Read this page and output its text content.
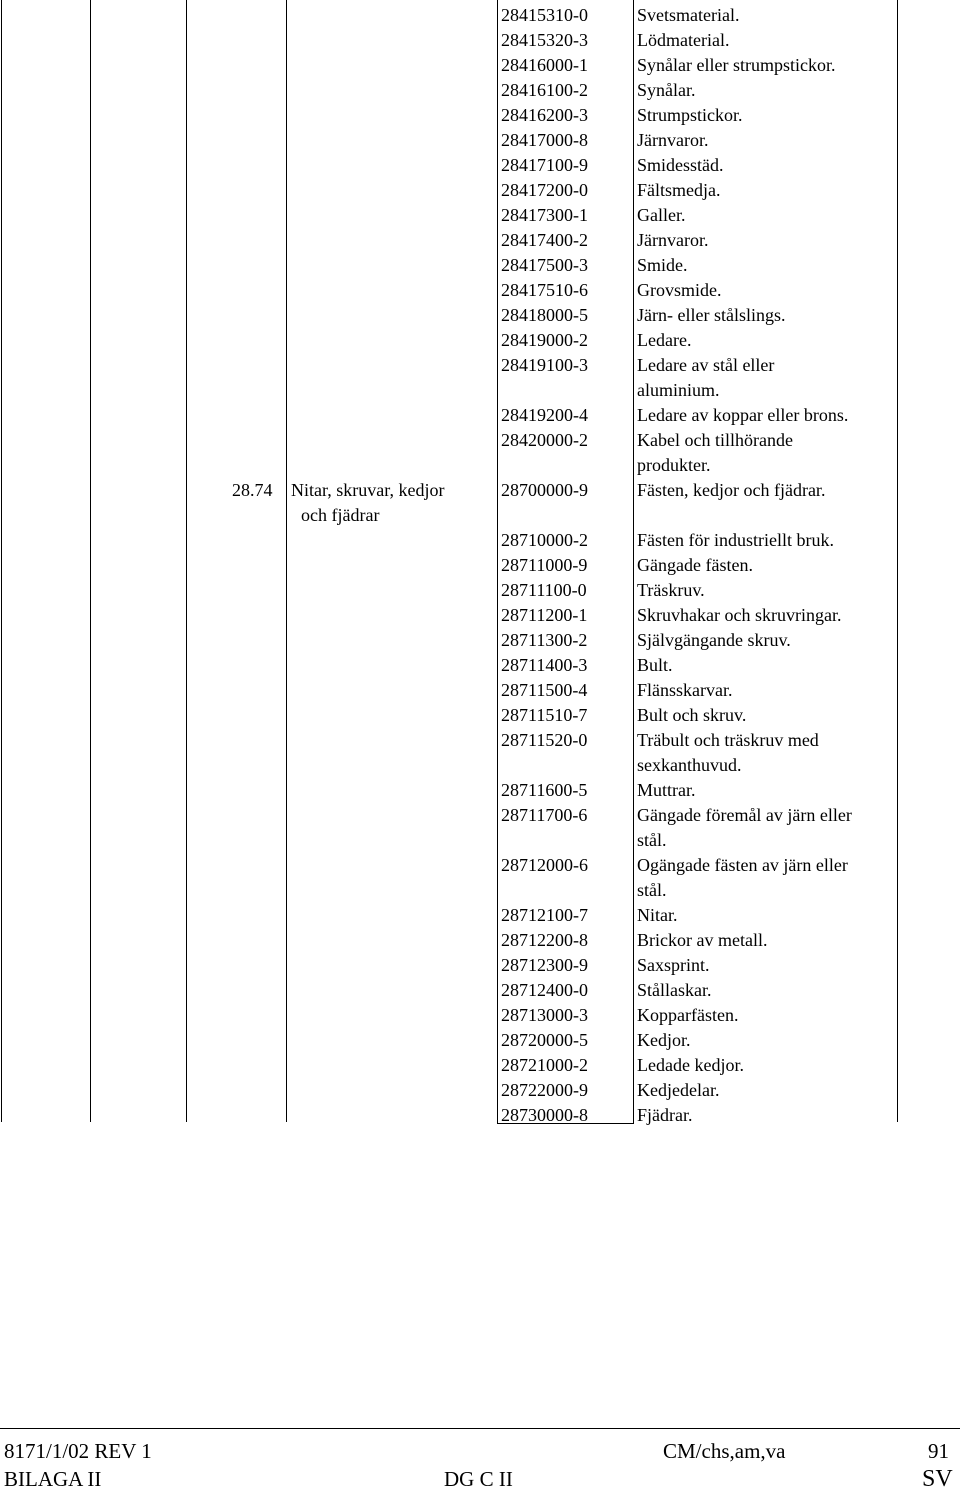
28.74 Nitar, skruvar, kedjor
och fjädrar
28415310-0	Svetsmaterial.
28415320-3	Lödmaterial.
28416000-1	Synålar eller strumpstickor.
28416100-2	Synålar.
28416200-3	Strumpstickor.
28417000-8	Järnvaror.
28417100-9	Smidesstäd.
28417200-0	Fältsmedja.
28417300-1	Galler.
28417400-2	Järnvaror.
28417500-3	Smide.
28417510-6	Grovsmide.
28418000-5	Järn- eller stålslings.
28419000-2	Ledare.
28419100-3	Ledare av stål eller
aluminium.
28419200-4	Ledare av koppar eller brons.
28420000-2	Kabel och tillhörande
produkter.
28700000-9	Fästen, kedjor och fjädrar.
28710000-2	Fästen för industriellt bruk.
28711000-9	Gängade fästen.
28711100-0	Träskruv.
28711200-1	Skruvhakar och skruvringar.
28711300-2	Självgängande skruv.
28711400-3	Bult.
28711500-4	Flänsskarvar.
28711510-7	Bult och skruv.
28711520-0	Träbult och träskruv med
sexkanthuvud.
28711600-5	Muttrar.
28711700-6	Gängade föremål av järn eller
stål.
28712000-6	Ogängade fästen av järn eller
stål.
28712100-7	Nitar.
28712200-8	Brickor av metall.
28712300-9	Saxsprint.
28712400-0	Stållaskar.
28713000-3	Kopparfästen.
28720000-5	Kedjor.
28721000-2	Ledade kedjor.
28722000-9	Kedjedelar.
28730000-8	Fjädrar.
8171/1/02 REV 1	CM/chs,am,va	91
BILAGA II	DG C II	SV
